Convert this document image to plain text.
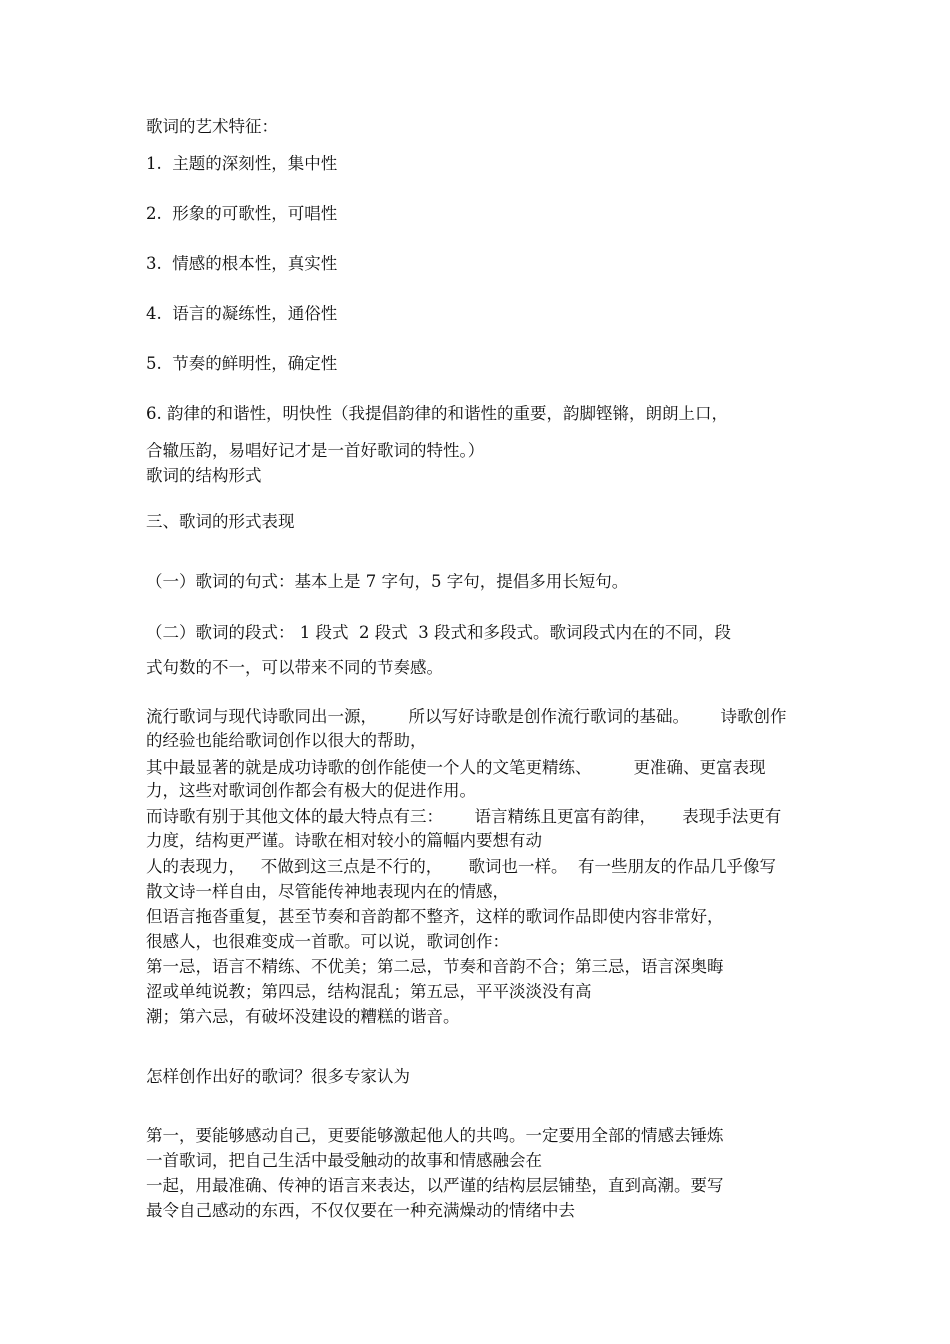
歌词的艺术特征：
1.  主题的深刻性，集中性
2.  形象的可歌性，可唱性
3.  情感的根本性，真实性
4.  语言的凝练性，通俗性
5.  节奏的鲜明性，确定性
6. 韵律的和谐性，明快性（我提倡韵律的和谐性的重要，韵脚铿锵，朗朗上口，
合辙压韵，易唱好记才是一首好歌词的特性。）
歌词的结构形式
三、歌词的形式表现
（一）歌词的句式：基本上是 7 字句，5 字句，提倡多用长短句。
（二）歌词的段式： 1 段式  2 段式  3 段式和多段式。歌词段式内在的不同，段
式句数的不一，可以带来不同的节奏感。
流行歌词与现代诗歌同出一源，      所以写好诗歌是创作流行歌词的基础。      诗歌创作
的经验也能给歌词创作以很大的帮助，
其中最显著的就是成功诗歌的创作能使一个人的文笔更精练、        更准确、更富表现
力，这些对歌词创作都会有极大的促进作用。
而诗歌有别于其他文体的最大特点有三：      语言精练且更富有韵律，     表现手法更有
力度，结构更严谨。诗歌在相对较小的篇幅内要想有动
人的表现力，   不做到这三点是不行的，     歌词也一样。  有一些朋友的作品几乎像写
散文诗一样自由，尽管能传神地表现内在的情感，
但语言拖沓重复，甚至节奏和音韵都不整齐，这样的歌词作品即使内容非常好，
很感人，也很难变成一首歌。可以说，歌词创作：
第一忌，语言不精练、不优美；第二忌，节奏和音韵不合；第三忌，语言深奥晦
涩或单纯说教；第四忌，结构混乱；第五忌，平平淡淡没有高
潮；第六忌，有破坏没建设的糟糕的谐音。
怎样创作出好的歌词？很多专家认为
第一，要能够感动自己，更要能够激起他人的共鸣。一定要用全部的情感去锤炼
一首歌词，把自己生活中最受触动的故事和情感融会在
一起，用最准确、传神的语言来表达，以严谨的结构层层铺垫，直到高潮。要写
最令自己感动的东西，不仅仅要在一种充满燥动的情绪中去
